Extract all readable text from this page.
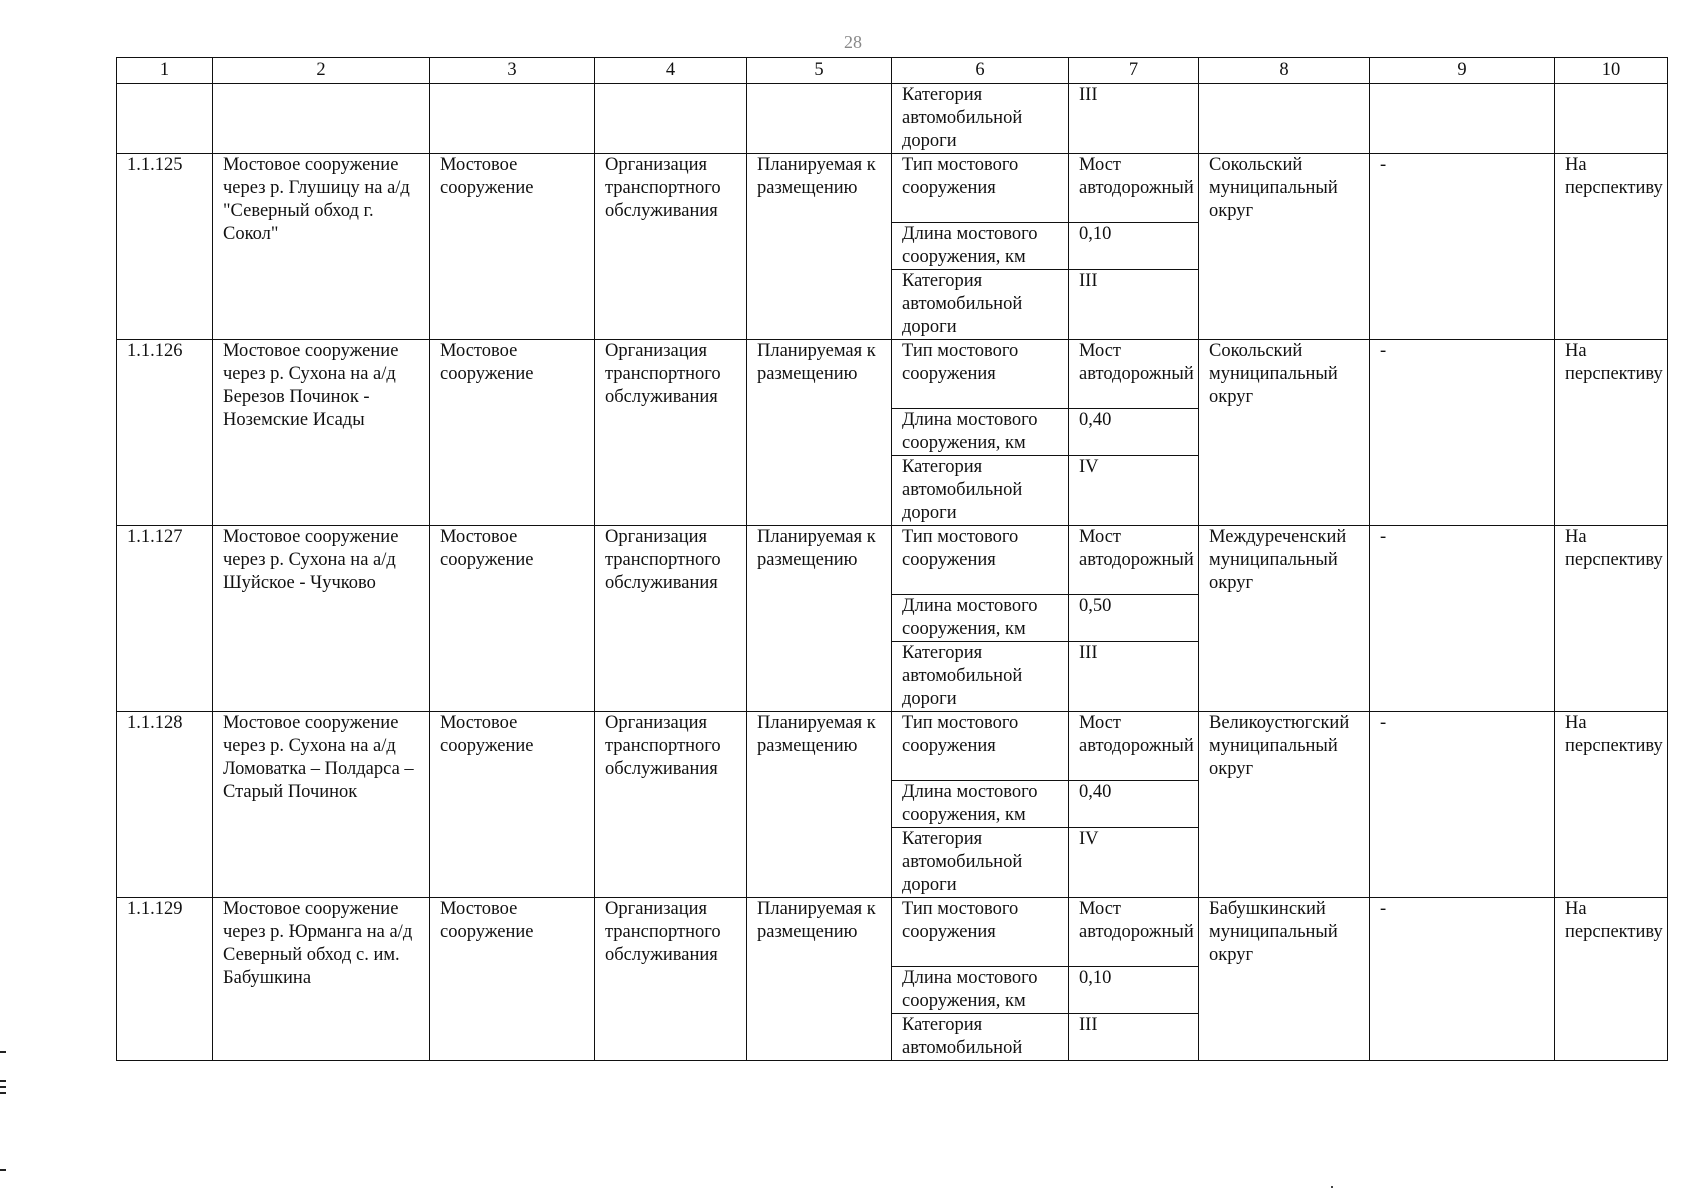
28
1	2	3	4	5	6	7	8	9	10
					Категория автомобильной дороги	III			
1.1.125	Мостовое сооружение через р. Глушицу на а/д "Северный обход г. Сокол"	Мостовое сооружение	Организация транспортного обслуживания	Планируемая к размещению	Тип мостового сооружения	Мост автодорожный	Сокольский муниципальный округ	-	На перспективу
					Длина мостового сооружения, км	0,10			
					Категория автомобильной дороги	III			
1.1.126	Мостовое сооружение через р. Сухона на а/д Березов Починок - Ноземские Исады	Мостовое сооружение	Организация транспортного обслуживания	Планируемая к размещению	Тип мостового сооружения	Мост автодорожный	Сокольский муниципальный округ	-	На перспективу
					Длина мостового сооружения, км	0,40			
					Категория автомобильной дороги	IV			
1.1.127	Мостовое сооружение через р. Сухона на а/д Шуйское - Чучково	Мостовое сооружение	Организация транспортного обслуживания	Планируемая к размещению	Тип мостового сооружения	Мост автодорожный	Междуреченский муниципальный округ	-	На перспективу
					Длина мостового сооружения, км	0,50			
					Категория автомобильной дороги	III			
1.1.128	Мостовое сооружение через р. Сухона на а/д Ломоватка – Полдарса – Старый Починок	Мостовое сооружение	Организация транспортного обслуживания	Планируемая к размещению	Тип мостового сооружения	Мост автодорожный	Великоустюгский муниципальный округ	-	На перспективу
					Длина мостового сооружения, км	0,40			
					Категория автомобильной дороги	IV			
1.1.129	Мостовое сооружение через р. Юрманга на а/д Северный обход с. им. Бабушкина	Мостовое сооружение	Организация транспортного обслуживания	Планируемая к размещению	Тип мостового сооружения	Мост автодорожный	Бабушкинский муниципальный округ	-	На перспективу
					Длина мостового сооружения, км	0,10			
					Категория автомобильной	III			
